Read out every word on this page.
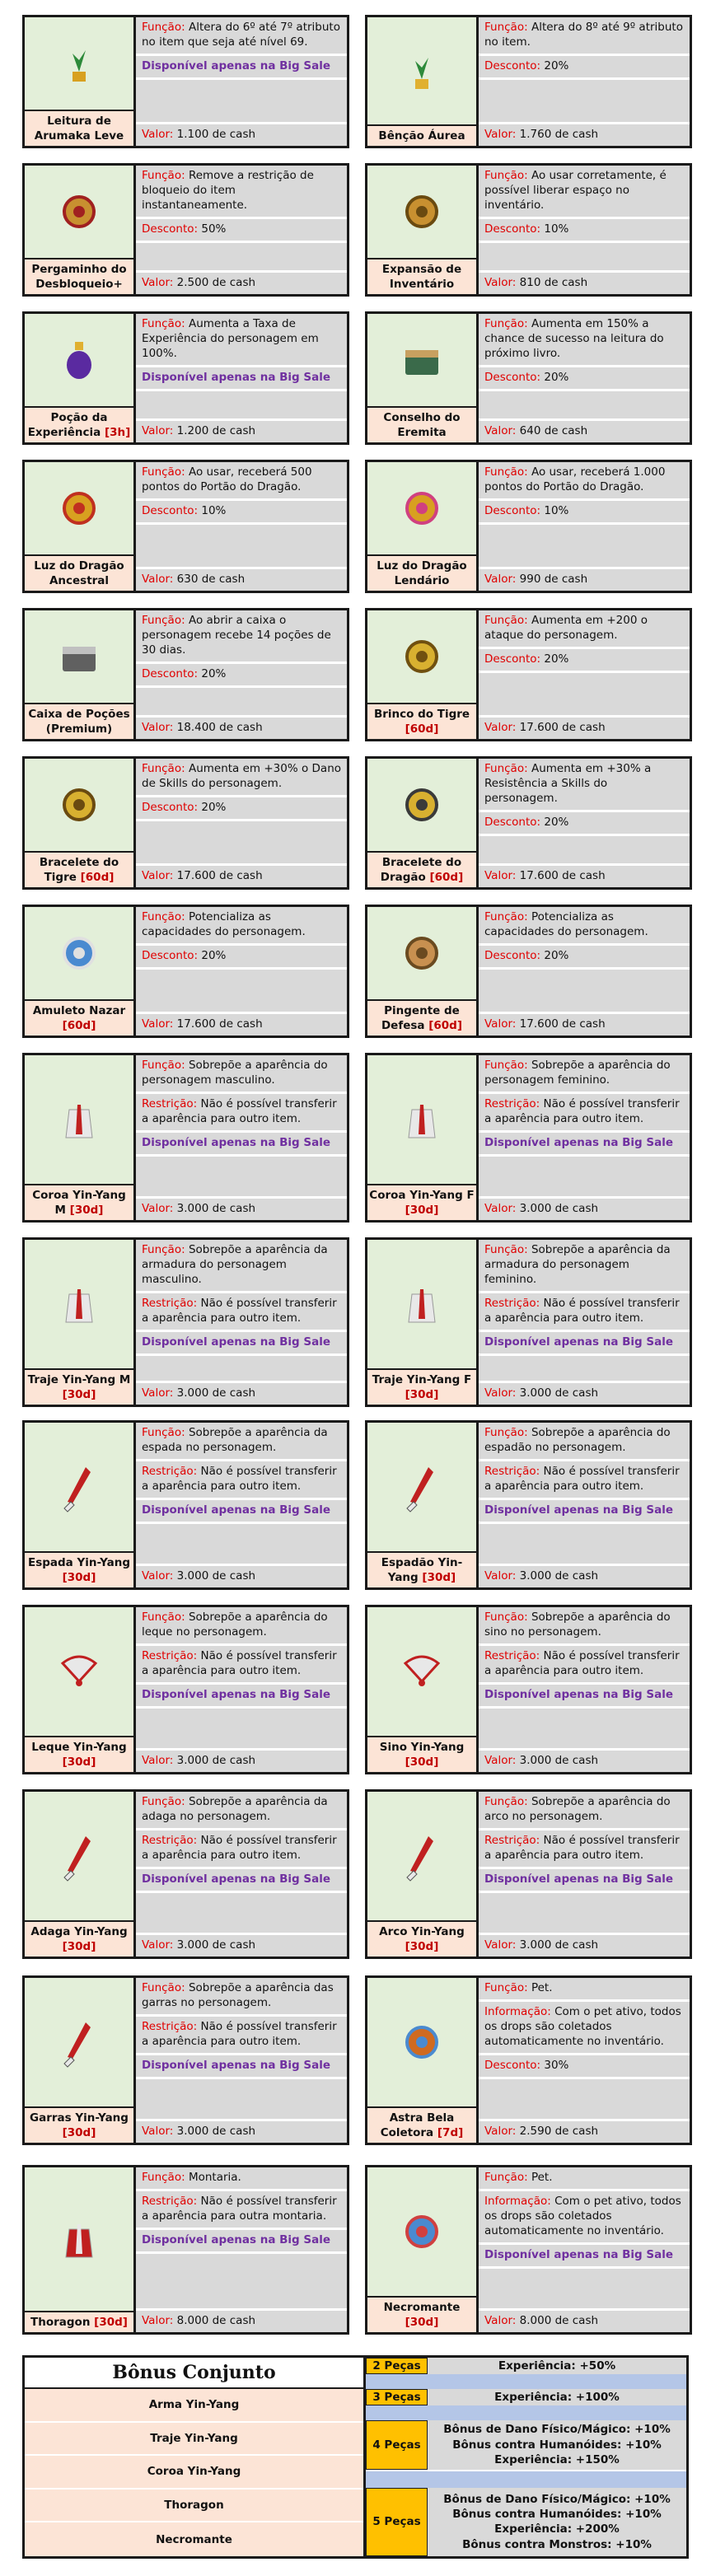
Leitura de Arumaka Leve
Função: Altera do 6º até 7º atributo no item que seja até nível 69.
Disponível apenas na Big Sale
Valor: 1.100 de cash	Bênção Áurea
Função: Altera do 8º até 9º atributo no item.
Desconto: 20%
Valor: 1.760 de cash
Pergaminho do Desbloqueio+
Função: Remove a restrição de bloqueio do item instantaneamente.
Desconto: 50%
Valor: 2.500 de cash
Expansão de Inventário
Função: Ao usar corretamente, é possível liberar espaço no inventário.
Desconto: 10%
Valor: 810 de cash
Poção da Experiência [3h]
Função: Aumenta a Taxa de Experiência do personagem em 100%.
Disponível apenas na Big Sale
Valor: 1.200 de cash
Conselho do Eremita
Função: Aumenta em 150% a chance de sucesso na leitura do próximo livro.
Desconto: 20%
Valor: 640 de cash
Luz do Dragão Ancestral
Função: Ao usar, receberá 500 pontos do Portão do Dragão.
Desconto: 10%
Valor: 630 de cash
Luz do Dragão Lendário
Função: Ao usar, receberá 1.000 pontos do Portão do Dragão.
Desconto: 10%
Valor: 990 de cash
Caixa de Poções (Premium)
Função: Ao abrir a caixa o personagem recebe 14 poções de 30 dias.
Desconto: 20%
Valor: 18.400 de cash
Brinco do Tigre [60d]
Função: Aumenta em +200 o ataque do personagem.
Desconto: 20%
Valor: 17.600 de cash
Bracelete do Tigre [60d]
Função: Aumenta em +30% o Dano de Skills do personagem.
Desconto: 20%
Valor: 17.600 de cash
Bracelete do Dragão [60d]
Função: Aumenta em +30% a Resistência a Skills do personagem.
Desconto: 20%
Valor: 17.600 de cash
Amuleto Nazar [60d]
Função: Potencializa as capacidades do personagem.
Desconto: 20%
Valor: 17.600 de cash
Pingente de Defesa [60d]
Função: Potencializa as capacidades do personagem.
Desconto: 20%
Valor: 17.600 de cash
Coroa Yin-Yang M [30d]
Função: Sobrepõe a aparência do personagem masculino.
Restrição: Não é possível transferir a aparência para outro item.
Disponível apenas na Big Sale
Valor: 3.000 de cash
Coroa Yin-Yang F [30d]
Função: Sobrepõe a aparência do personagem feminino.
Restrição: Não é possível transferir a aparência para outro item.
Disponível apenas na Big Sale
Valor: 3.000 de cash
Traje Yin-Yang M [30d]
Função: Sobrepõe a aparência da armadura do personagem masculino.
Restrição: Não é possível transferir a aparência para outro item.
Disponível apenas na Big Sale
Valor: 3.000 de cash
Traje Yin-Yang F [30d]
Função: Sobrepõe a aparência da armadura do personagem feminino.
Restrição: Não é possível transferir a aparência para outro item.
Disponível apenas na Big Sale
Valor: 3.000 de cash
Espada Yin-Yang [30d]
Função: Sobrepõe a aparência da espada no personagem.
Restrição: Não é possível transferir a aparência para outro item.
Disponível apenas na Big Sale
Valor: 3.000 de cash
Espadão Yin-Yang [30d]
Função: Sobrepõe a aparência do espadão no personagem.
Restrição: Não é possível transferir a aparência para outro item.
Disponível apenas na Big Sale
Valor: 3.000 de cash
Leque Yin-Yang [30d]
Função: Sobrepõe a aparência do leque no personagem.
Restrição: Não é possível transferir a aparência para outro item.
Disponível apenas na Big Sale
Valor: 3.000 de cash
Sino Yin-Yang [30d]
Função: Sobrepõe a aparência do sino no personagem.
Restrição: Não é possível transferir a aparência para outro item.
Disponível apenas na Big Sale
Valor: 3.000 de cash
Adaga Yin-Yang [30d]
Função: Sobrepõe a aparência da adaga no personagem.
Restrição: Não é possível transferir a aparência para outro item.
Disponível apenas na Big Sale
Valor: 3.000 de cash
Arco Yin-Yang [30d]
Função: Sobrepõe a aparência do arco no personagem.
Restrição: Não é possível transferir a aparência para outro item.
Disponível apenas na Big Sale
Valor: 3.000 de cash
Garras Yin-Yang [30d]
Função: Sobrepõe a aparência das garras no personagem.
Restrição: Não é possível transferir a aparência para outro item.
Disponível apenas na Big Sale
Valor: 3.000 de cash
Astra Bela Coletora [7d]
Função: Pet.
Informação: Com o pet ativo, todos os drops são coletados automaticamente no inventário.
Desconto: 30%
Valor: 2.590 de cash
Thoragon [30d]
Função: Montaria.
Restrição: Não é possível transferir a aparência para outra montaria.
Disponível apenas na Big Sale
Valor: 8.000 de cash
Necromante [30d]
Função: Pet.
Informação: Com o pet ativo, todos os drops são coletados automaticamente no inventário.
Disponível apenas na Big Sale
Valor: 8.000 de cash
Bônus Conjunto
Arma Yin-Yang
Traje Yin-Yang
Coroa Yin-Yang
Thoragon
Necromante
2 Peças	Experiência: +50%
3 Peças	Experiência: +100%
4 Peças
Bônus de Dano Físico/Mágico: +10%
Bônus contra Humanóides: +10%
Experiência: +150%
5 Peças
Bônus de Dano Físico/Mágico: +10%
Bônus contra Humanóides: +10%
Experiência: +200%
Bônus contra Monstros: +10%
